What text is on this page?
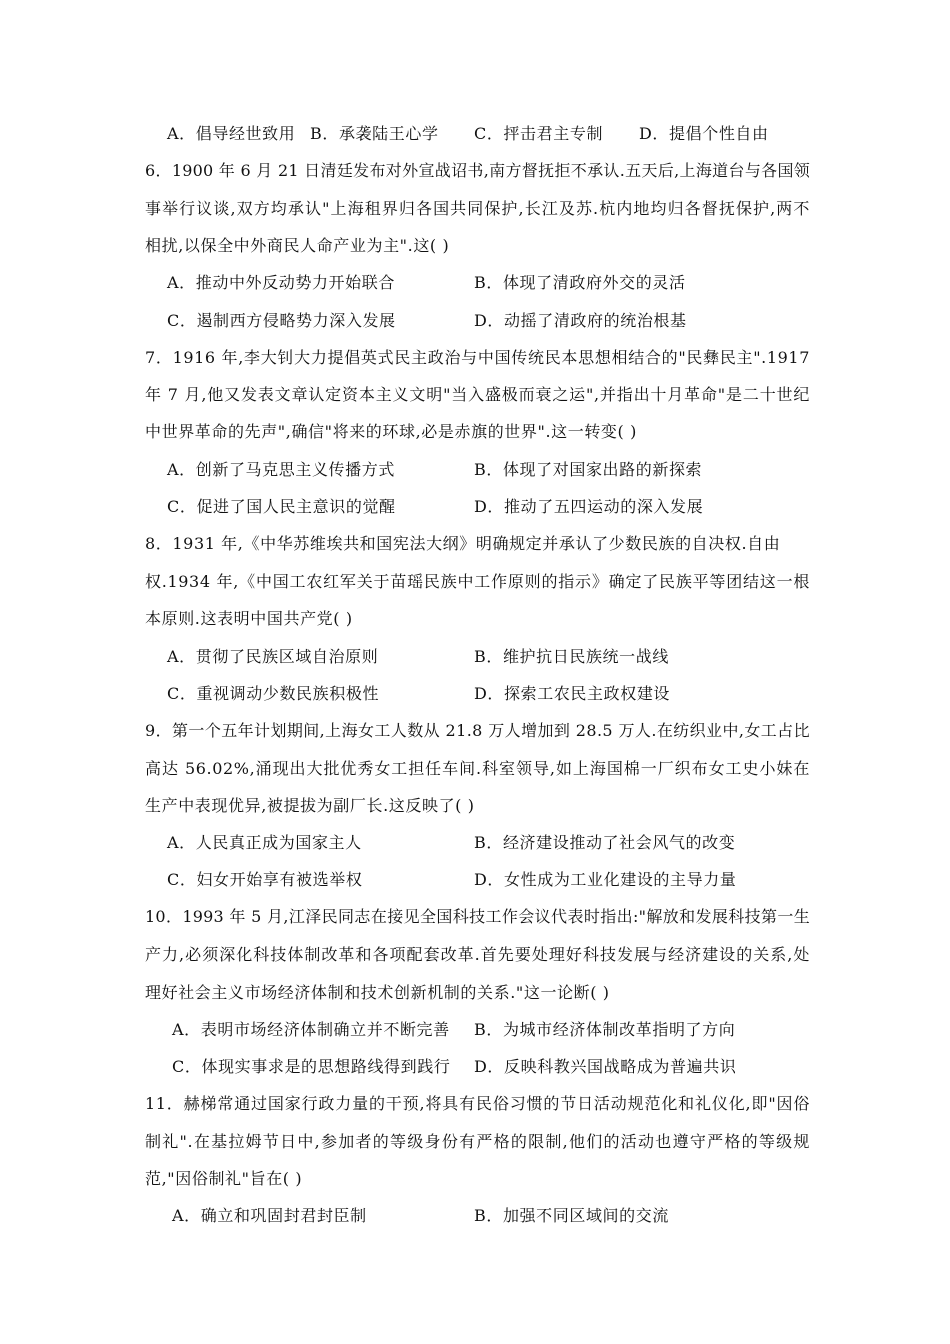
A．倡导经世致用 B．承袭陆王心学 C．抨击君主专制 D．提倡个性自由
6．1900 年 6 月 21 日清廷发布对外宣战诏书,南方督抚拒不承认.五天后,上海道台与各国领
事举行议谈,双方均承认"上海租界归各国共同保护,长江及苏.杭内地均归各督抚保护,两不
相扰,以保全中外商民人命产业为主".这( )
A．推动中外反动势力开始联合	B．体现了清政府外交的灵活
C．遏制西方侵略势力深入发展	D．动摇了清政府的统治根基
7．1916 年,李大钊大力提倡英式民主政治与中国传统民本思想相结合的"民彝民主".1917
年 7 月,他又发表文章认定资本主义文明"当入盛极而衰之运",并指出十月革命"是二十世纪
中世界革命的先声",确信"将来的环球,必是赤旗的世界".这一转变( )
A．创新了马克思主义传播方式	B．体现了对国家出路的新探索
C．促进了国人民主意识的觉醒	D．推动了五四运动的深入发展
8．1931 年,《中华苏维埃共和国宪法大纲》明确规定并承认了少数民族的自决权.自由
权.1934 年,《中国工农红军关于苗瑶民族中工作原则的指示》确定了民族平等团结这一根
本原则.这表明中国共产党( )
A．贯彻了民族区域自治原则	B．维护抗日民族统一战线
C．重视调动少数民族积极性	D．探索工农民主政权建设
9．第一个五年计划期间,上海女工人数从 21.8 万人增加到 28.5 万人.在纺织业中,女工占比
高达 56.02%,涌现出大批优秀女工担任车间.科室领导,如上海国棉一厂织布女工史小妹在
生产中表现优异,被提拔为副厂长.这反映了( )
A．人民真正成为国家主人	B．经济建设推动了社会风气的改变
C．妇女开始享有被选举权	D．女性成为工业化建设的主导力量
10．1993 年 5 月,江泽民同志在接见全国科技工作会议代表时指出:"解放和发展科技第一生
产力,必须深化科技体制改革和各项配套改革.首先要处理好科技发展与经济建设的关系,处
理好社会主义市场经济体制和技术创新机制的关系."这一论断( )
A．表明市场经济体制确立并不断完善 B．为城市经济体制改革指明了方向
C．体现实事求是的思想路线得到践行 D．反映科教兴国战略成为普遍共识
11．赫梯常通过国家行政力量的干预,将具有民俗习惯的节日活动规范化和礼仪化,即"因俗
制礼".在基拉姆节日中,参加者的等级身份有严格的限制,他们的活动也遵守严格的等级规
范,"因俗制礼"旨在( )
A．确立和巩固封君封臣制	B．加强不同区域间的交流
